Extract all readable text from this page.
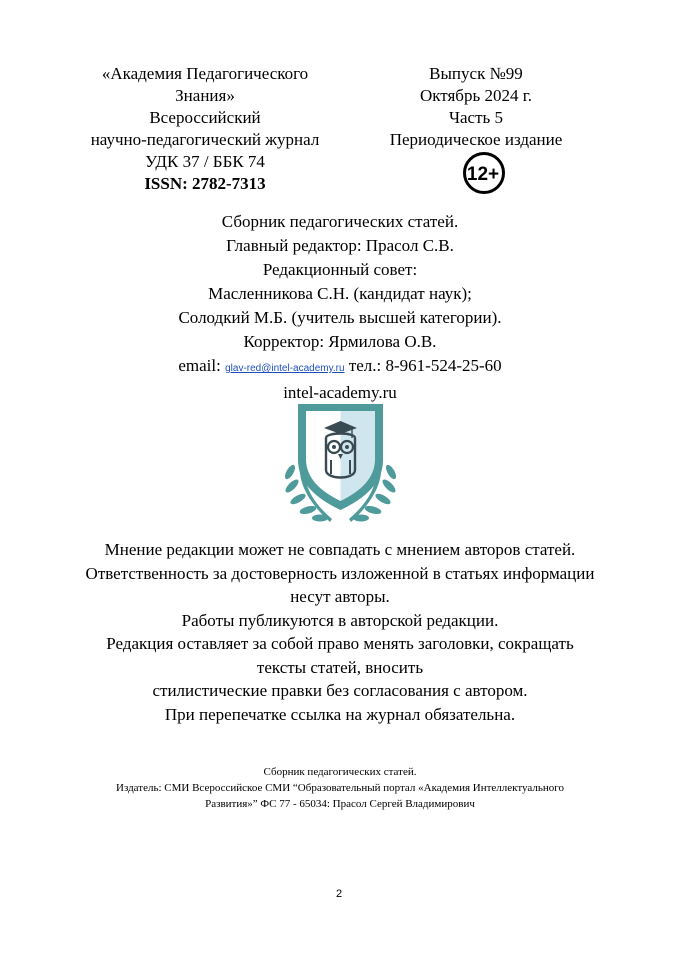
«Академия Педагогического
Знания»
Всероссийский
научно-педагогический журнал
УДК 37 / ББК 74
ISSN: 2782-7313
Выпуск №99
Октябрь 2024 г.
Часть 5
Периодическое издание
12+
Сборник педагогических статей.
Главный редактор: Прасол С.В.
Редакционный совет:
Масленникова С.Н. (кандидат наук);
Солодкий М.Б. (учитель высшей категории).
Корректор: Ярмилова О.В.
email: glav-red@intel-academy.ru тел.: 8-961-524-25-60
intel-academy.ru
Мнение редакции может не совпадать с мнением авторов статей.
Ответственность за достоверность изложенной в статьях информации
несут авторы.
Работы публикуются в авторской редакции.
Редакция оставляет за собой право менять заголовки, сокращать
тексты статей, вносить
стилистические правки без согласования с автором.
При перепечатке ссылка на журнал обязательна.
Сборник педагогических статей.
Издатель: СМИ Всероссийское СМИ “Образовательный портал «Академия Интеллектуального
Развития»” ФС 77 - 65034: Прасол Сергей Владимирович
2
